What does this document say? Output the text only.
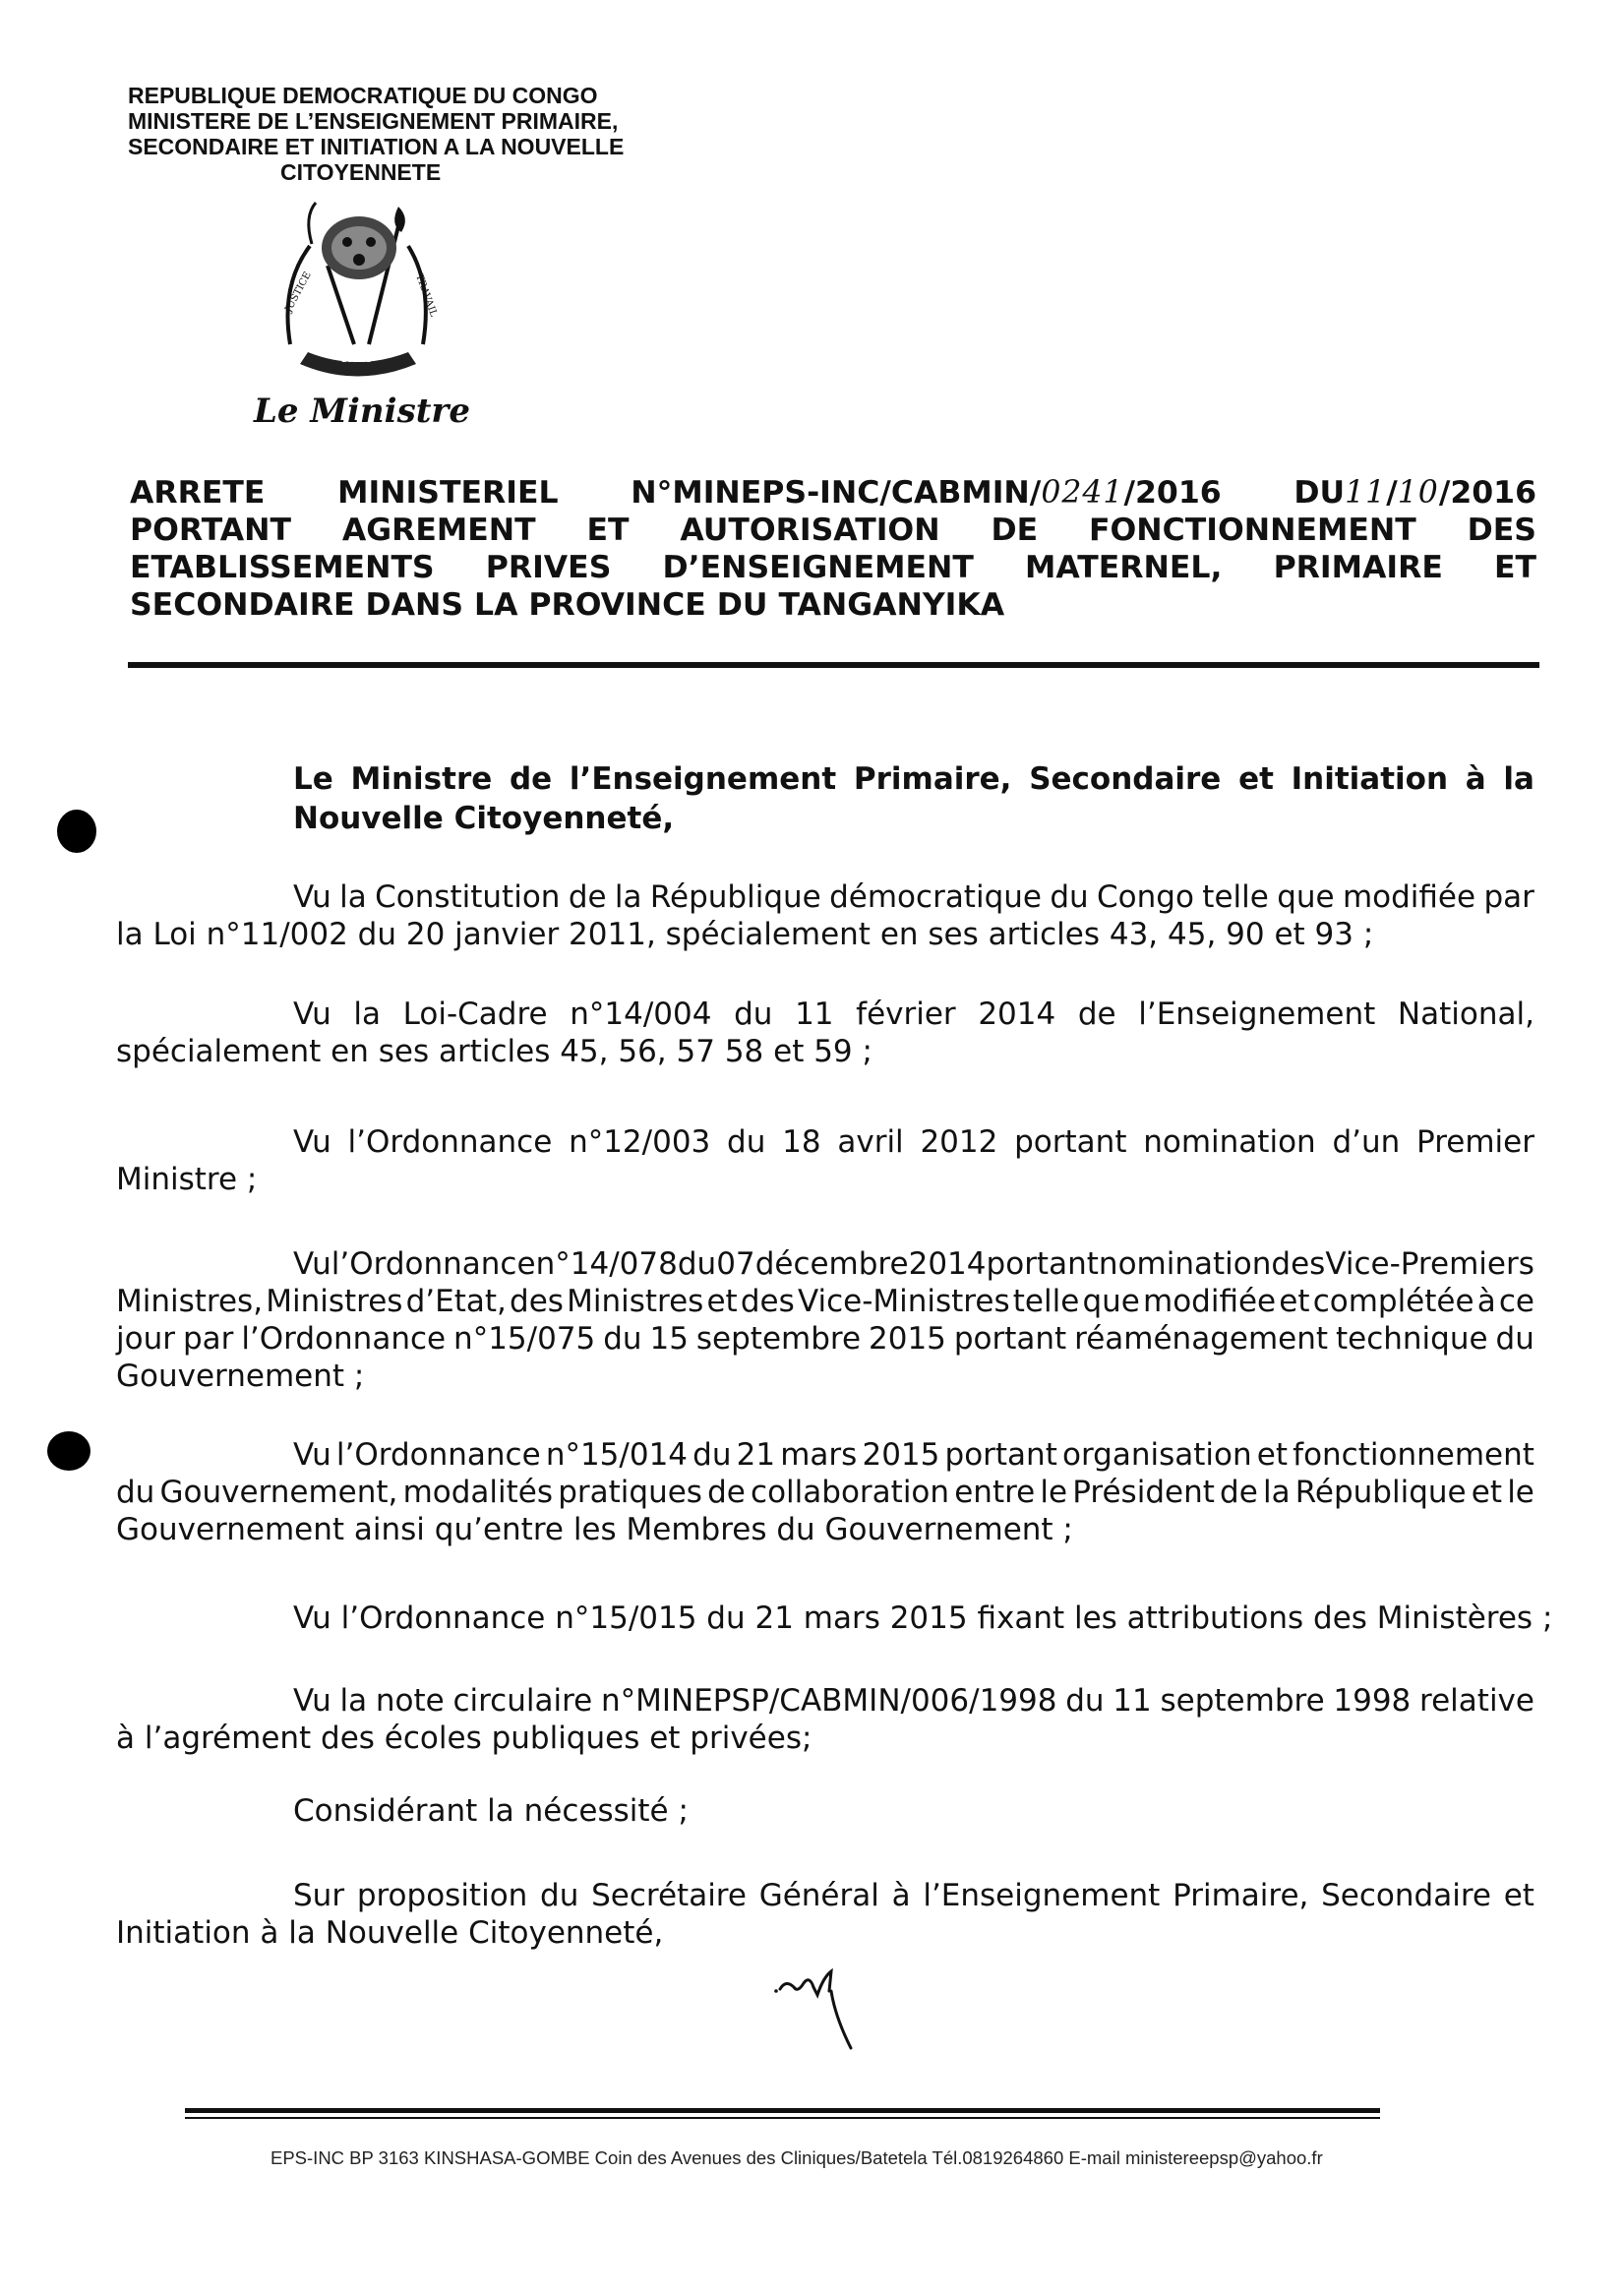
REPUBLIQUE DEMOCRATIQUE DU CONGO
MINISTERE DE L’ENSEIGNEMENT PRIMAIRE,
SECONDAIRE ET INITIATION A LA NOUVELLE
CITOYENNETE
JUSTICE
PAIX
TRAVAIL
Le Ministre
ARRETE MINISTERIEL N°MINEPS-INC/CABMIN/0241/2016 DU11/10/2016
PORTANT AGREMENT ET AUTORISATION DE FONCTIONNEMENT DES
ETABLISSEMENTS PRIVES D’ENSEIGNEMENT MATERNEL, PRIMAIRE ET
SECONDAIRE DANS LA PROVINCE DU TANGANYIKA
Le Ministre de l’Enseignement Primaire, Secondaire et Initiation à la
Nouvelle Citoyenneté,
Vu la Constitution de la République démocratique du Congo telle que modifiée par
la Loi n°11/002 du 20 janvier 2011, spécialement en ses articles 43, 45, 90 et 93 ;
Vu la Loi-Cadre n°14/004 du 11 février 2014 de l’Enseignement National,
spécialement en ses articles 45, 56, 57 58 et 59 ;
Vu l’Ordonnance n°12/003 du 18 avril 2012 portant nomination d’un Premier
Ministre ;
Vu l’Ordonnance n°14/078 du 07 décembre 2014 portant nomination des Vice-Premiers
Ministres, Ministres d’Etat, des Ministres et des Vice-Ministres telle que modifiée et complétée à ce
jour par l’Ordonnance n°15/075 du 15 septembre 2015 portant réaménagement technique du
Gouvernement ;
Vu l’Ordonnance n°15/014 du 21 mars 2015 portant organisation et fonctionnement
du Gouvernement, modalités pratiques de collaboration entre le Président de la République et le
Gouvernement ainsi qu’entre les Membres du Gouvernement ;
Vu l’Ordonnance n°15/015 du 21 mars 2015 fixant les attributions des Ministères ;
Vu la note circulaire n°MINEPSP/CABMIN/006/1998 du 11 septembre 1998 relative
à l’agrément des écoles publiques et privées;
Considérant la nécessité ;
Sur proposition du Secrétaire Général à l’Enseignement Primaire, Secondaire et
Initiation à la Nouvelle Citoyenneté,
EPS-INC BP 3163 KINSHASA-GOMBE Coin des Avenues des Cliniques/Batetela Tél.0819264860 E-mail ministereepsp@yahoo.fr
